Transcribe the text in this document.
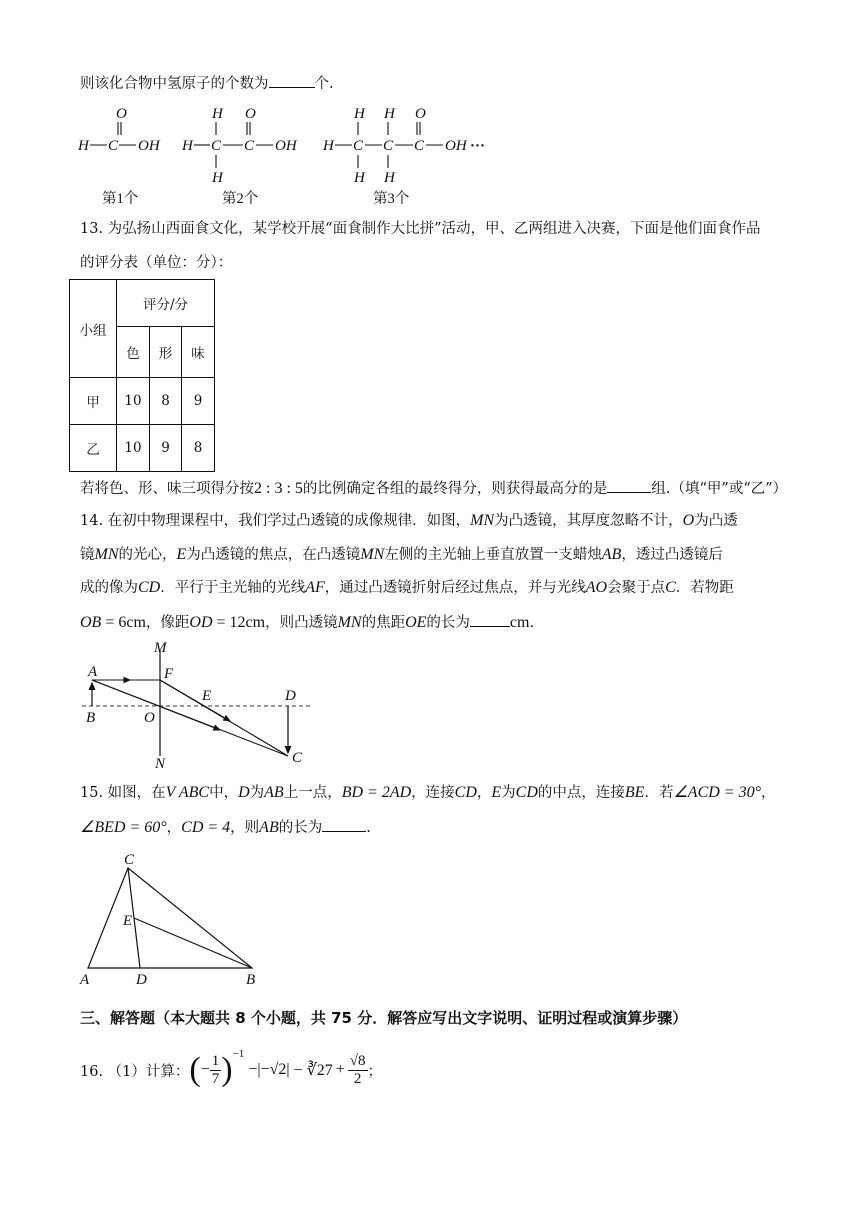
则该化合物中氢原子的个数为	个.
O
H C OH
H O
H C C OH
H
H H O
H C C C OH
H H
···
第1个	第2个	第3个
13. 为弘扬山西面食文化，某学校开展“面食制作大比拼”活动，甲、乙两组进入决赛，下面是他们面食作品
的评分表（单位：分）：
小组	评分/分		
	色	形	味
甲	10	8	9
乙	10	9	8
若将色、形、味三项得分按2 : 3 : 5的比例确定各组的最终得分，则获得最高分的是	组.（填“甲”或“乙”）
14. 在初中物理课程中，我们学过凸透镜的成像规律．如图，MN为凸透镜，其厚度忽略不计，O为凸透
镜MN的光心，E为凸透镜的焦点，在凸透镜MN左侧的主光轴上垂直放置一支蜡烛AB，透过凸透镜后
成的像为CD．平行于主光轴的光线AF，通过凸透镜折射后经过焦点，并与光线AO会聚于点C．若物距
OB = 6cm，像距OD = 12cm，则凸透镜MN的焦距OE的长为	cm.
A
B
M
N
F
O
E	D
C
15. 如图，在V ABC中，D为AB上一点，BD = 2AD，连接CD，E为CD的中点，连接BE．若∠ACD = 30°，
∠BED = 60°，CD = 4，则AB的长为	.
C
E
A	D	B
三、解答题（本大题共 8 个小题，共 75 分．解答应写出文字说明、证明过程或演算步骤）
16. （1）计算： ( − $\frac{1}{7}$ ) −1
−|−√2| − ∛27 + $\frac{√8}{2}$ ；
